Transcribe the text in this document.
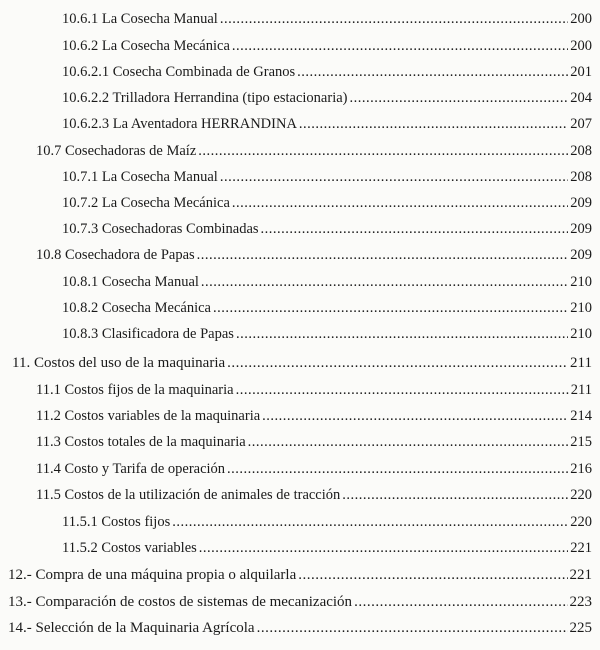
10.6.1 La Cosecha Manual .....	200
10.6.2 La Cosecha Mecánica .....	200
10.6.2.1 Cosecha Combinada de Granos .....	201
10.6.2.2 Trilladora Herrandina (tipo estacionaria) .....	204
10.6.2.3 La Aventadora HERRANDINA .....	207
10.7 Cosechadoras de Maíz .....	208
10.7.1 La Cosecha Manual .....	208
10.7.2 La Cosecha Mecánica .....	209
10.7.3 Cosechadoras Combinadas .....	209
10.8 Cosechadora de Papas .....	209
10.8.1 Cosecha Manual .....	210
10.8.2 Cosecha Mecánica .....	210
10.8.3 Clasificadora de Papas .....	210
11. Costos del uso de la maquinaria .....	211
11.1 Costos fijos de la maquinaria .....	211
11.2 Costos variables de la maquinaria .....	214
11.3 Costos totales de la maquinaria .....	215
11.4 Costo y Tarifa de operación .....	216
11.5 Costos de la utilización de animales de tracción .....	220
11.5.1 Costos fijos .....	220
11.5.2 Costos variables .....	221
12.- Compra de una máquina propia o alquilarla .....	221
13.- Comparación de costos de sistemas de mecanización .....	223
14.- Selección de la Maquinaria Agrícola .....	225
